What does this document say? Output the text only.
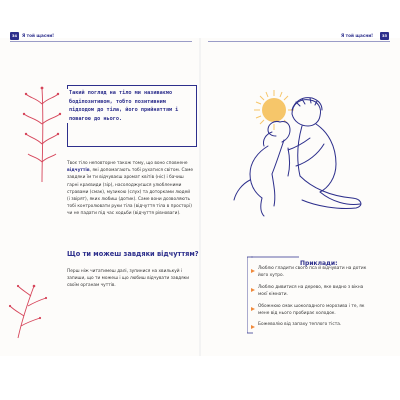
34	Я той щасни!	Я той щасни!	35
Такий погляд на тіло ми називаємо бодіпозитивом, тобто позитивним підходом до тіла, його прийняттям і повагою до нього.
Твоє тіло неповторне також тому, що воно сповнене відчуттів, які допомагають тобі рухатися світом. Саме завдяки їм ти відчуваєш аромат квітів (ніс) і бачиш гарні краєвиди (зір), насолоджуєшся улюбленими стравами (смак), музикою (слух) та доторками людей (і звірят), яких любиш (дотик). Саме вони дозволяють тобі контролювати руки тіла (відчуття тіла в просторі) чи не падати під час ходьби (відчуття рівноваги).
Що ти можеш завдяки відчуттям?
Перш ніж читатимеш далі, зупинися на хвилькуй і запиши, що ти можеш і що любиш відчувати завдяки своїм органам чуттів.
Приклади:
Люблю гладити свого пса й відчувати на дотик його хутро.
Люблю дивитися на дерево, яке видно з вікна моєї кімнати.
Обожнюю смак шоколадного морозива і те, як мене від нього пробирає холодок.
Божеволію від запаху теплого тіста.
